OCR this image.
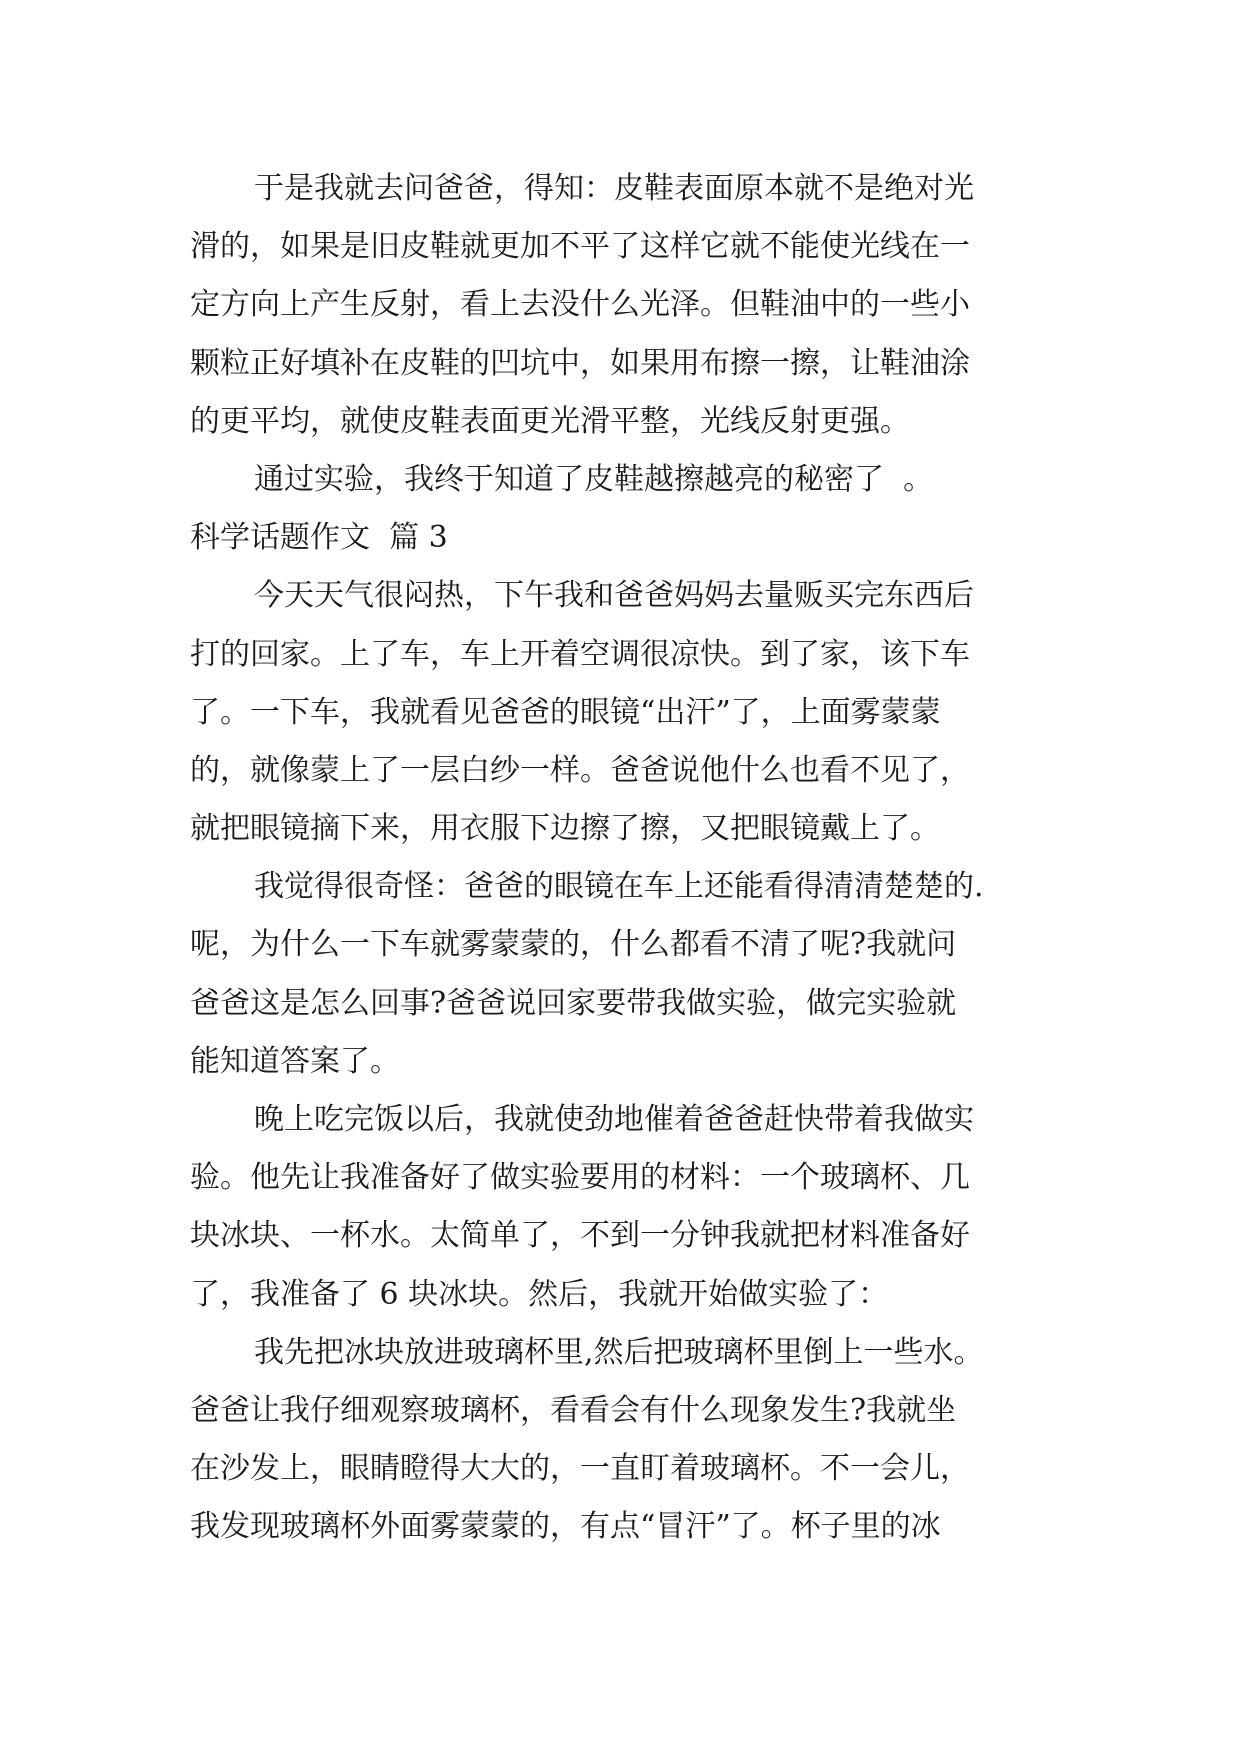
于是我就去问爸爸，得知：皮鞋表面原本就不是绝对光
滑的，如果是旧皮鞋就更加不平了这样它就不能使光线在一
定方向上产生反射，看上去没什么光泽。但鞋油中的一些小
颗粒正好填补在皮鞋的凹坑中，如果用布擦一擦，让鞋油涂
的更平均，就使皮鞋表面更光滑平整，光线反射更强。
通过实验，我终于知道了皮鞋越擦越亮的秘密了  。
科学话题作文  篇 3
今天天气很闷热，下午我和爸爸妈妈去量贩买完东西后
打的回家。上了车，车上开着空调很凉快。到了家，该下车
了。一下车，我就看见爸爸的眼镜“出汗”了，上面雾蒙蒙
的，就像蒙上了一层白纱一样。爸爸说他什么也看不见了，
就把眼镜摘下来，用衣服下边擦了擦，又把眼镜戴上了。
我觉得很奇怪：爸爸的眼镜在车上还能看得清清楚楚的.
呢，为什么一下车就雾蒙蒙的，什么都看不清了呢?我就问
爸爸这是怎么回事?爸爸说回家要带我做实验，做完实验就
能知道答案了。
晚上吃完饭以后，我就使劲地催着爸爸赶快带着我做实
验。他先让我准备好了做实验要用的材料：一个玻璃杯、几
块冰块、一杯水。太简单了，不到一分钟我就把材料准备好
了，我准备了 6 块冰块。然后，我就开始做实验了：
我先把冰块放进玻璃杯里,然后把玻璃杯里倒上一些水。
爸爸让我仔细观察玻璃杯，看看会有什么现象发生?我就坐
在沙发上，眼睛瞪得大大的，一直盯着玻璃杯。不一会儿，
我发现玻璃杯外面雾蒙蒙的，有点“冒汗”了。杯子里的冰
